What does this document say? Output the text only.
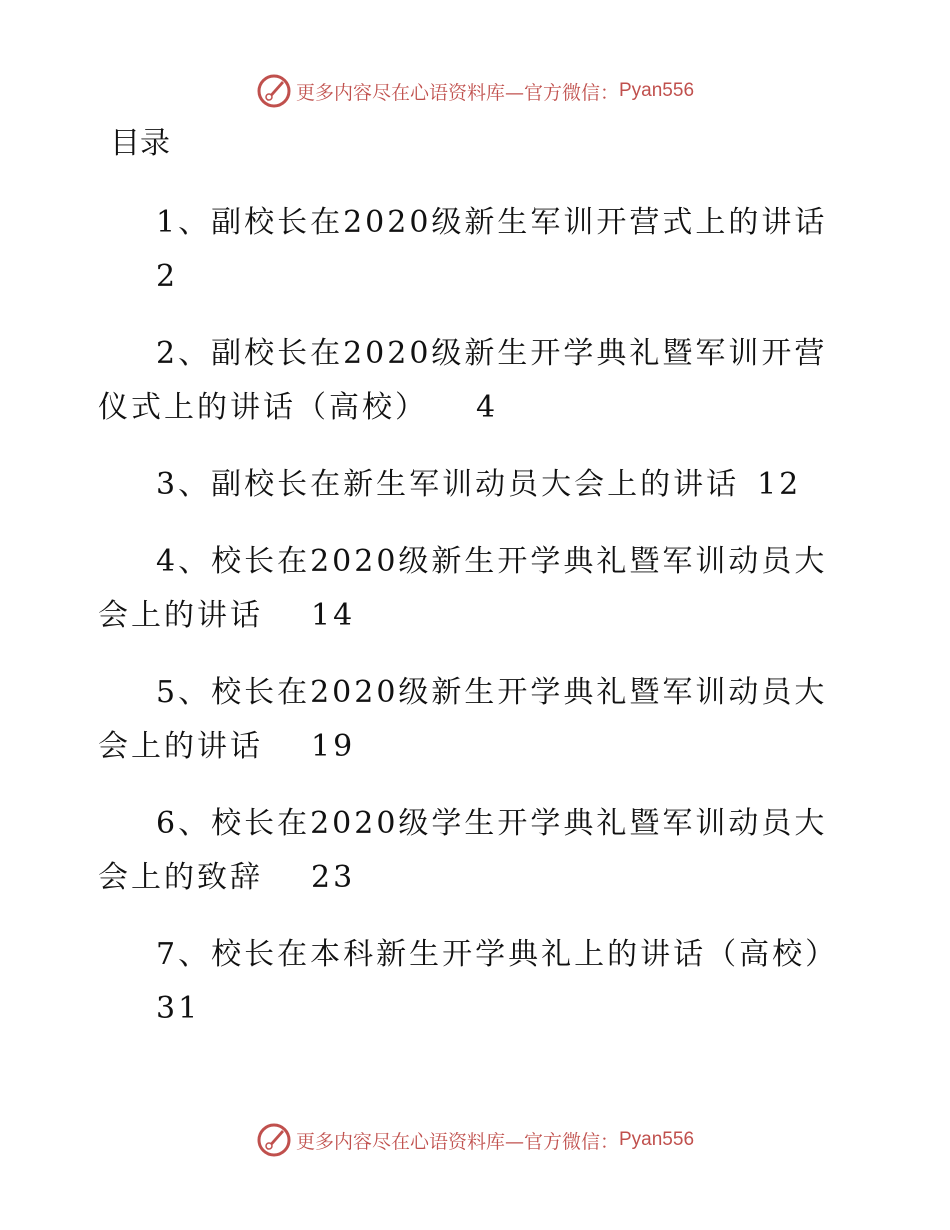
更多内容尽在心语资料库—官方微信： Pyan556
目录
1、副校长在2020级新生军训开营式上的讲话
2
2、副校长在2020级新生开学典礼暨军训开营仪式上的讲话（高校） 4
3、副校长在新生军训动员大会上的讲话 12
4、校长在2020级新生开学典礼暨军训动员大会上的讲话 14
5、校长在2020级新生开学典礼暨军训动员大会上的讲话 19
6、校长在2020级学生开学典礼暨军训动员大会上的致辞 23
7、校长在本科新生开学典礼上的讲话（高校）
31
更多内容尽在心语资料库—官方微信： Pyan556
